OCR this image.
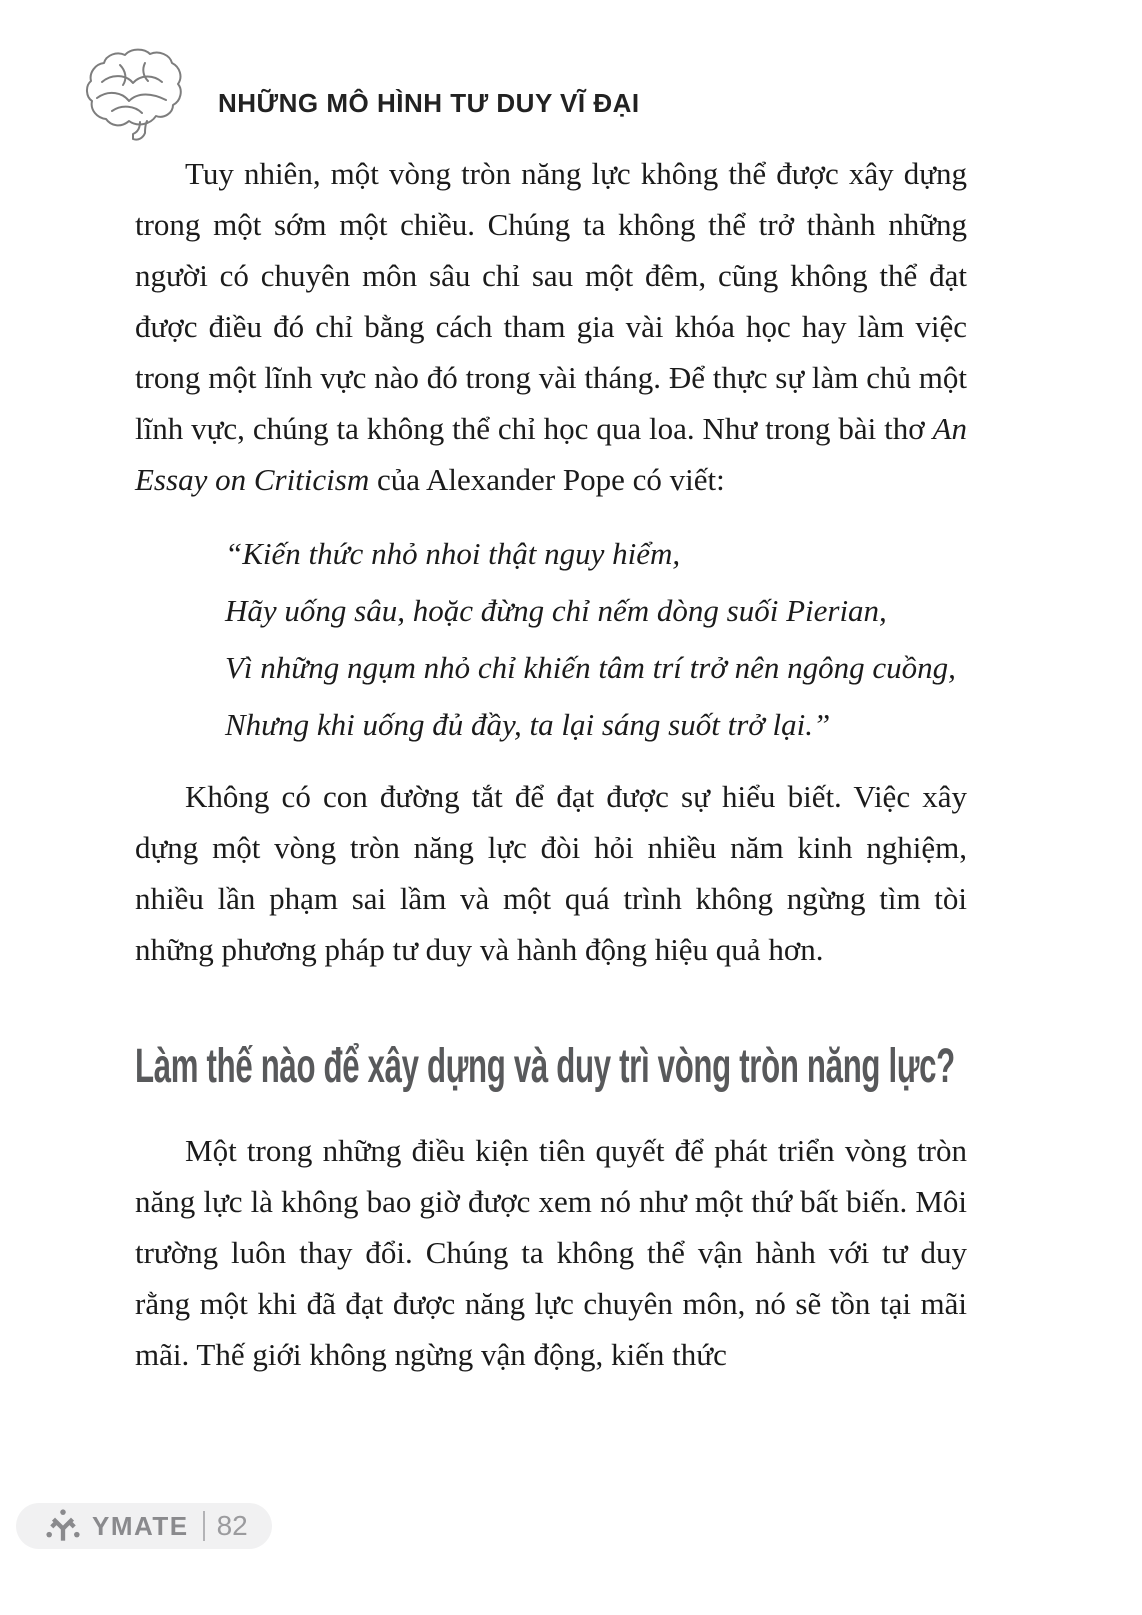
NHỮNG MÔ HÌNH TƯ DUY VĨ ĐẠI

Tuy nhiên, một vòng tròn năng lực không thể được xây dựng trong một sớm một chiều. Chúng ta không thể trở thành những người có chuyên môn sâu chỉ sau một đêm, cũng không thể đạt được điều đó chỉ bằng cách tham gia vài khóa học hay làm việc trong một lĩnh vực nào đó trong vài tháng. Để thực sự làm chủ một lĩnh vực, chúng ta không thể chỉ học qua loa. Như trong bài thơ An Essay on Criticism của Alexander Pope có viết:

“Kiến thức nhỏ nhoi thật nguy hiểm,

Hãy uống sâu, hoặc đừng chỉ nếm dòng suối Pierian,

Vì những ngụm nhỏ chỉ khiến tâm trí trở nên ngông cuồng,

Nhưng khi uống đủ đầy, ta lại sáng suốt trở lại.”

Không có con đường tắt để đạt được sự hiểu biết. Việc xây dựng một vòng tròn năng lực đòi hỏi nhiều năm kinh nghiệm, nhiều lần phạm sai lầm và một quá trình không ngừng tìm tòi những phương pháp tư duy và hành động hiệu quả hơn.

Làm thế nào để xây dựng và duy trì vòng tròn năng lực?

Một trong những điều kiện tiên quyết để phát triển vòng tròn năng lực là không bao giờ được xem nó như một thứ bất biến. Môi trường luôn thay đổi. Chúng ta không thể vận hành với tư duy rằng một khi đã đạt được năng lực chuyên môn, nó sẽ tồn tại mãi mãi. Thế giới không ngừng vận động, kiến thức

YMATE 82
